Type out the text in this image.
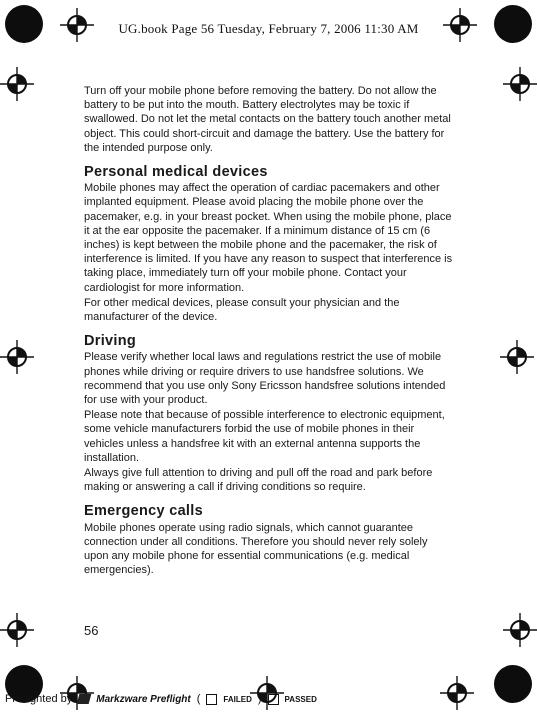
UG.book Page 56 Tuesday, February 7, 2006 11:30 AM

Turn off your mobile phone before removing the battery. Do not allow the battery to be put into the mouth. Battery electrolytes may be toxic if swallowed. Do not let the metal contacts on the battery touch another metal object. This could short-circuit and damage the battery. Use the battery for the intended purpose only.

Personal medical devices

Mobile phones may affect the operation of cardiac pacemakers and other implanted equipment. Please avoid placing the mobile phone over the pacemaker, e.g. in your breast pocket. When using the mobile phone, place it at the ear opposite the pacemaker. If a minimum distance of 15 cm (6 inches) is kept between the mobile phone and the pacemaker, the risk of interference is limited. If you have any reason to suspect that interference is taking place, immediately turn off your mobile phone. Contact your cardiologist for more information.

For other medical devices, please consult your physician and the manufacturer of the device.

Driving

Please verify whether local laws and regulations restrict the use of mobile phones while driving or require drivers to use handsfree solutions. We recommend that you use only Sony Ericsson handsfree solutions intended for use with your product.

Please note that because of possible interference to electronic equipment, some vehicle manufacturers forbid the use of mobile phones in their vehicles unless a handsfree kit with an external antenna supports the installation.

Always give full attention to driving and pull off the road and park before making or answering a call if driving conditions so require.

Emergency calls

Mobile phones operate using radio signals, which cannot guarantee connection under all conditions. Therefore you should never rely solely upon any mobile phone for essential communications (e.g. medical emergencies).

56
Preflighted by Markzware Preflight (	FAILED )	PASSED
